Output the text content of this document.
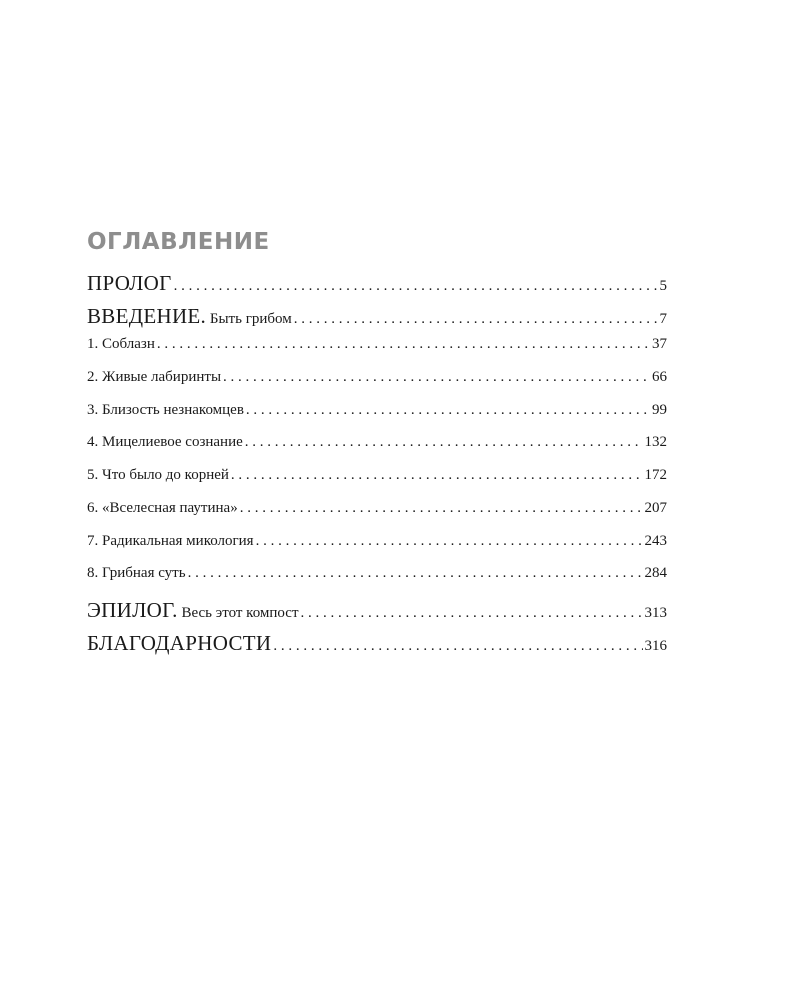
ОГЛАВЛЕНИЕ
ПРОЛОГ . . .	5
ВВЕДЕНИЕ. Быть грибом . . .	7
1. Соблазн . . .	37
2. Живые лабиринты . . .	66
3. Близость незнакомцев . . .	99
4. Мицелиевое сознание . . .	132
5. Что было до корней . . .	172
6. «Вселесная паутина» . . .	207
7. Радикальная микология . . .	243
8. Грибная суть . . .	284
ЭПИЛОГ. Весь этот компост . . .	313
БЛАГОДАРНОСТИ . . .	316
